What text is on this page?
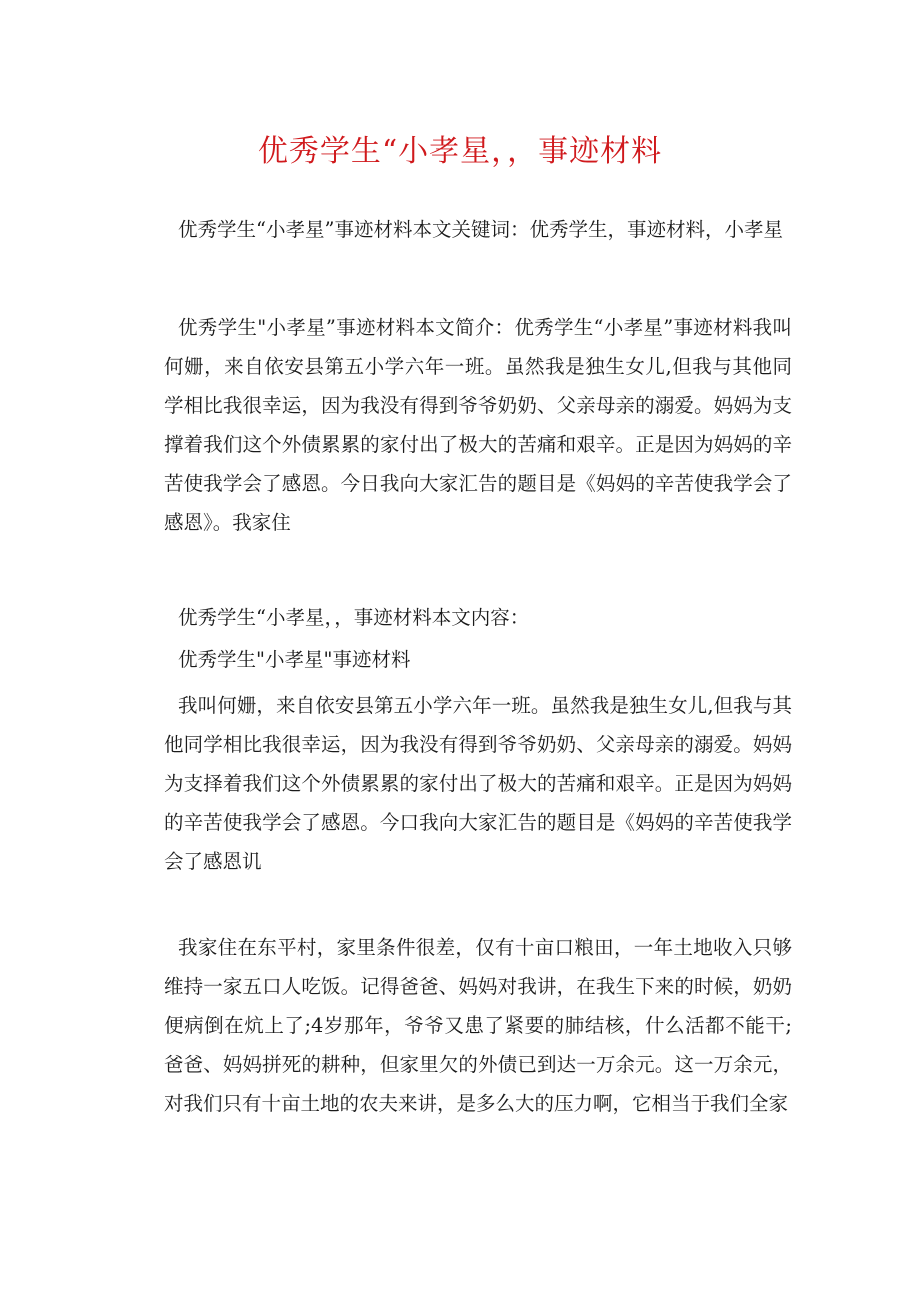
优秀学生“小孝星，，事迹材料

优秀学生“小孝星”事迹材料本文关键词：优秀学生，事迹材料，小孝星

优秀学生"小孝星”事迹材料本文简介：优秀学生“小孝星”事迹材料我叫何姗，来自依安县第五小学六年一班。虽然我是独生女儿,但我与其他同学相比我很幸运，因为我没有得到爷爷奶奶、父亲母亲的溺爱。妈妈为支撑着我们这个外债累累的家付出了极大的苦痛和艰辛。正是因为妈妈的辛苦使我学会了感恩。今日我向大家汇告的题目是《妈妈的辛苦使我学会了感恩》。我家住

优秀学生“小孝星，，事迹材料本文内容：

优秀学生"小孝星"事迹材料

我叫何姗，来自依安县第五小学六年一班。虽然我是独生女儿,但我与其他同学相比我很幸运，因为我没有得到爷爷奶奶、父亲母亲的溺爱。妈妈为支择着我们这个外债累累的家付出了极大的苦痛和艰辛。正是因为妈妈的辛苦使我学会了感恩。今口我向大家汇告的题目是《妈妈的辛苦使我学会了感恩讥

我家住在东平村，家里条件很差，仅有十亩口粮田，一年土地收入只够维持一家五口人吃饭。记得爸爸、妈妈对我讲，在我生下来的时候，奶奶便病倒在炕上了;4岁那年，爷爷又患了紧要的肺结核，什么活都不能干;爸爸、妈妈拼死的耕种，但家里欠的外债已到达一万余元。这一万余元，对我们只有十亩土地的农夫来讲，是多么大的压力啊，它相当于我们全家
